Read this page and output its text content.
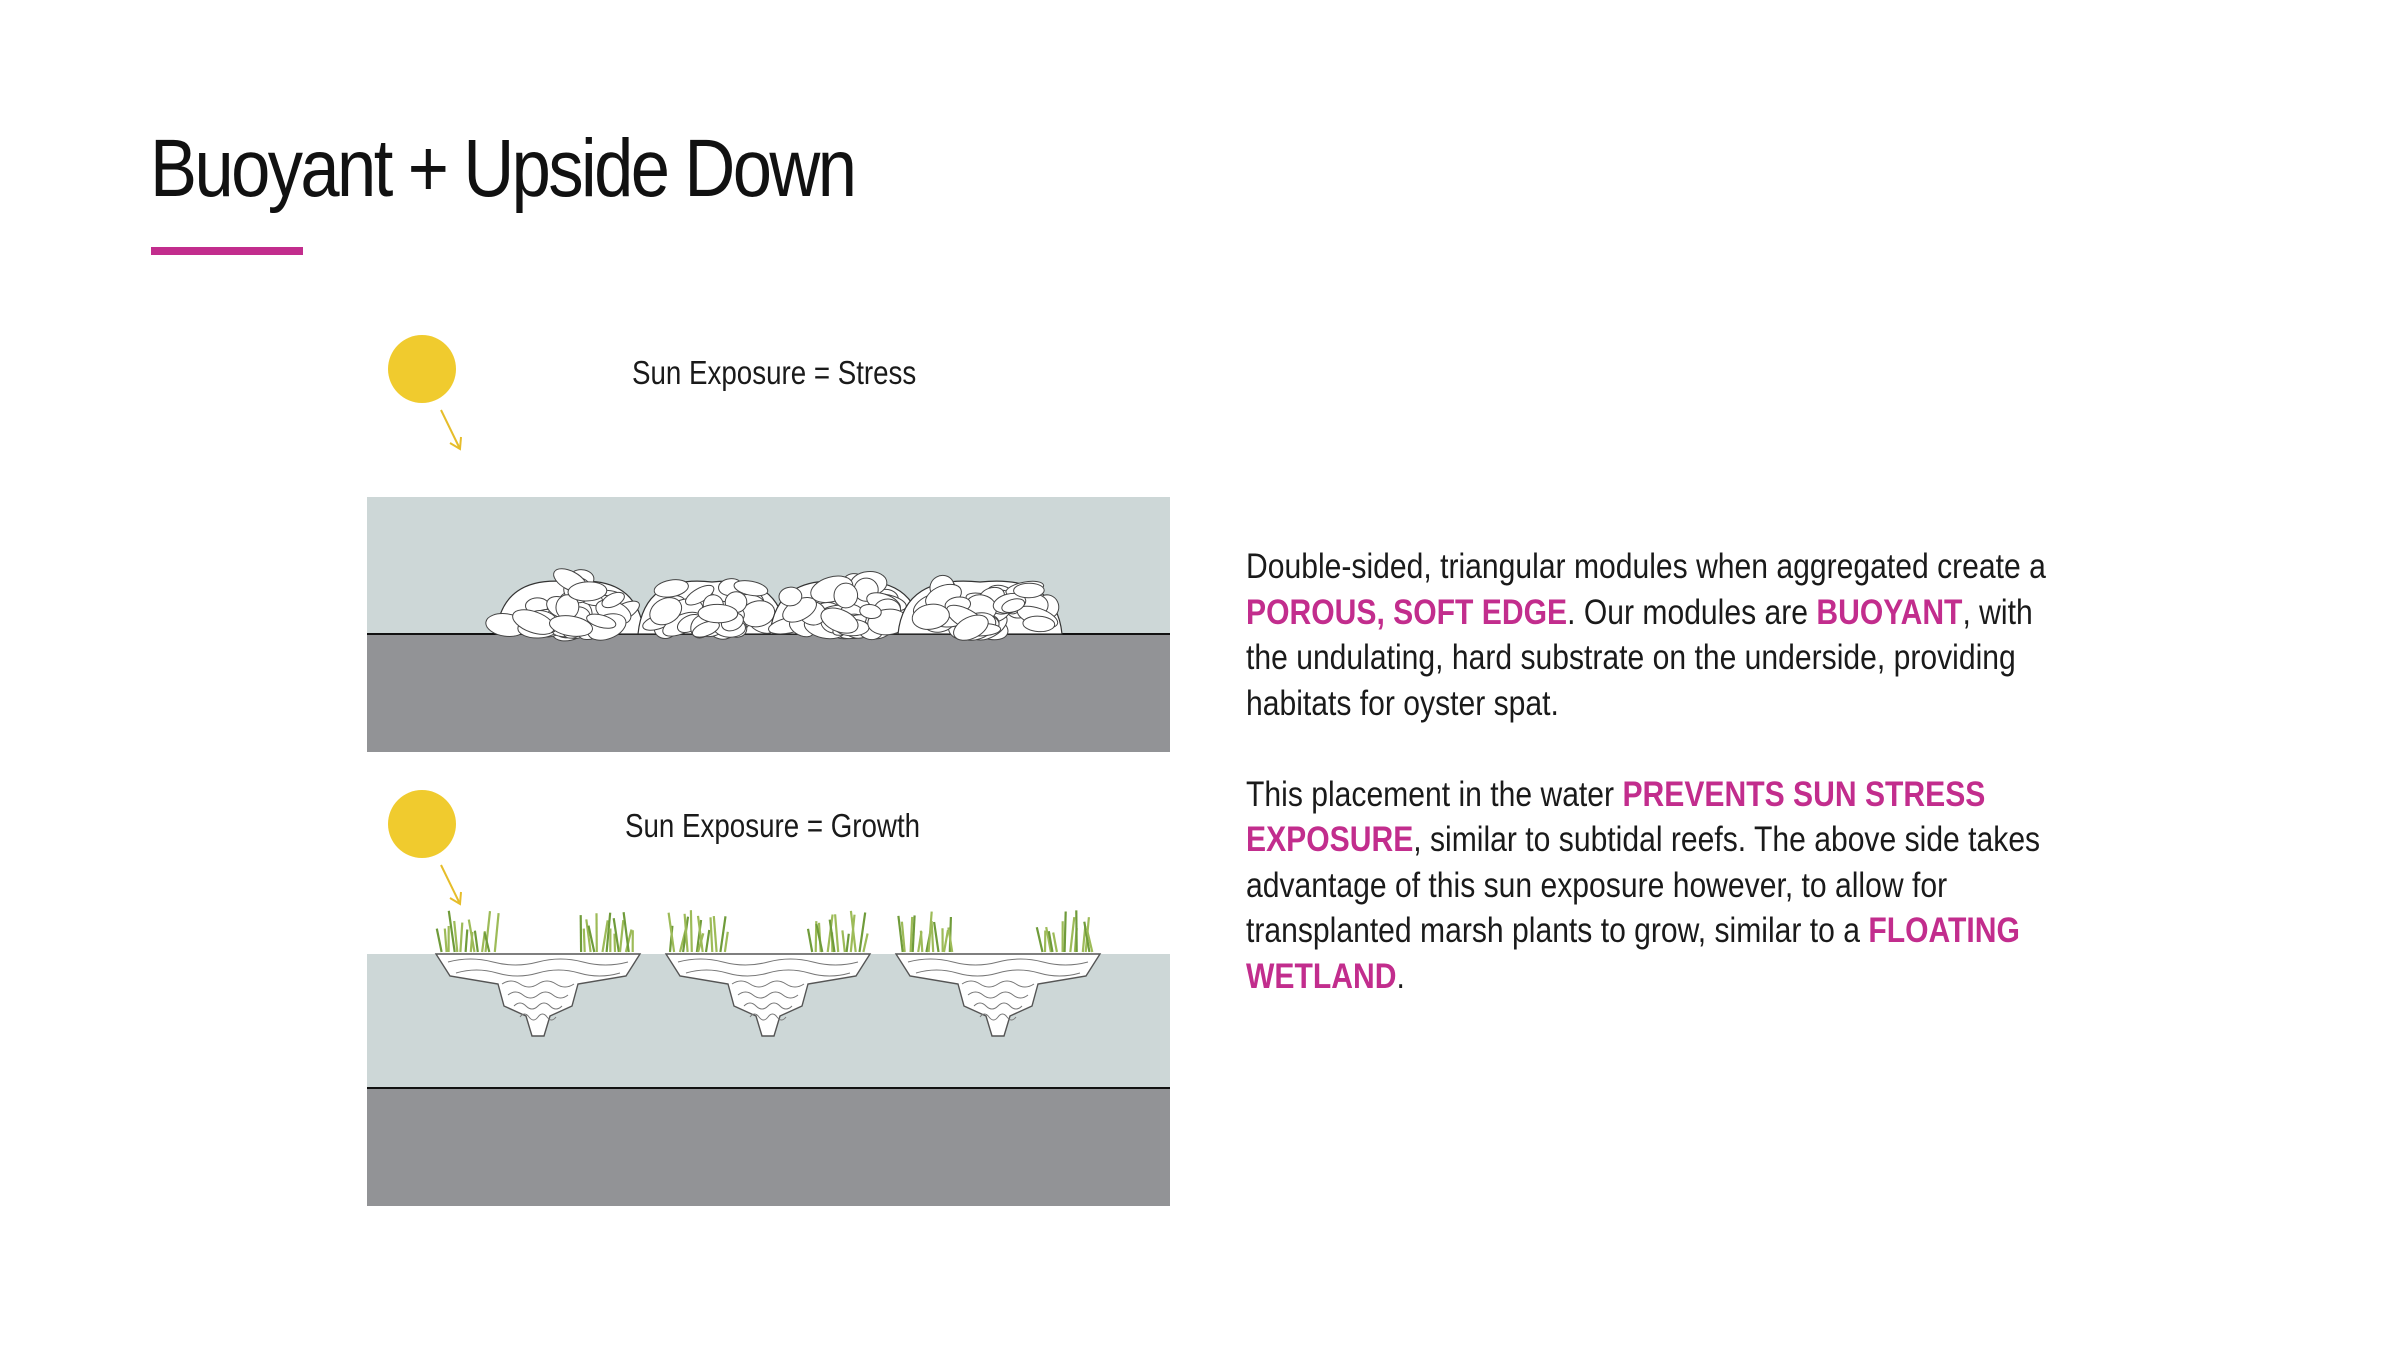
Buoyant + Upside Down
Sun Exposure = Stress
Sun Exposure = Growth

Double-sided, triangular modules when aggregated create a POROUS, SOFT EDGE. Our modules are BUOYANT, with the undulating, hard substrate on the underside, providing habitats for oyster spat.

This placement in the water PREVENTS SUN STRESS EXPOSURE, similar to subtidal reefs. The above side takes advantage of this sun exposure however, to allow for transplanted marsh plants to grow, similar to a FLOATING WETLAND.
